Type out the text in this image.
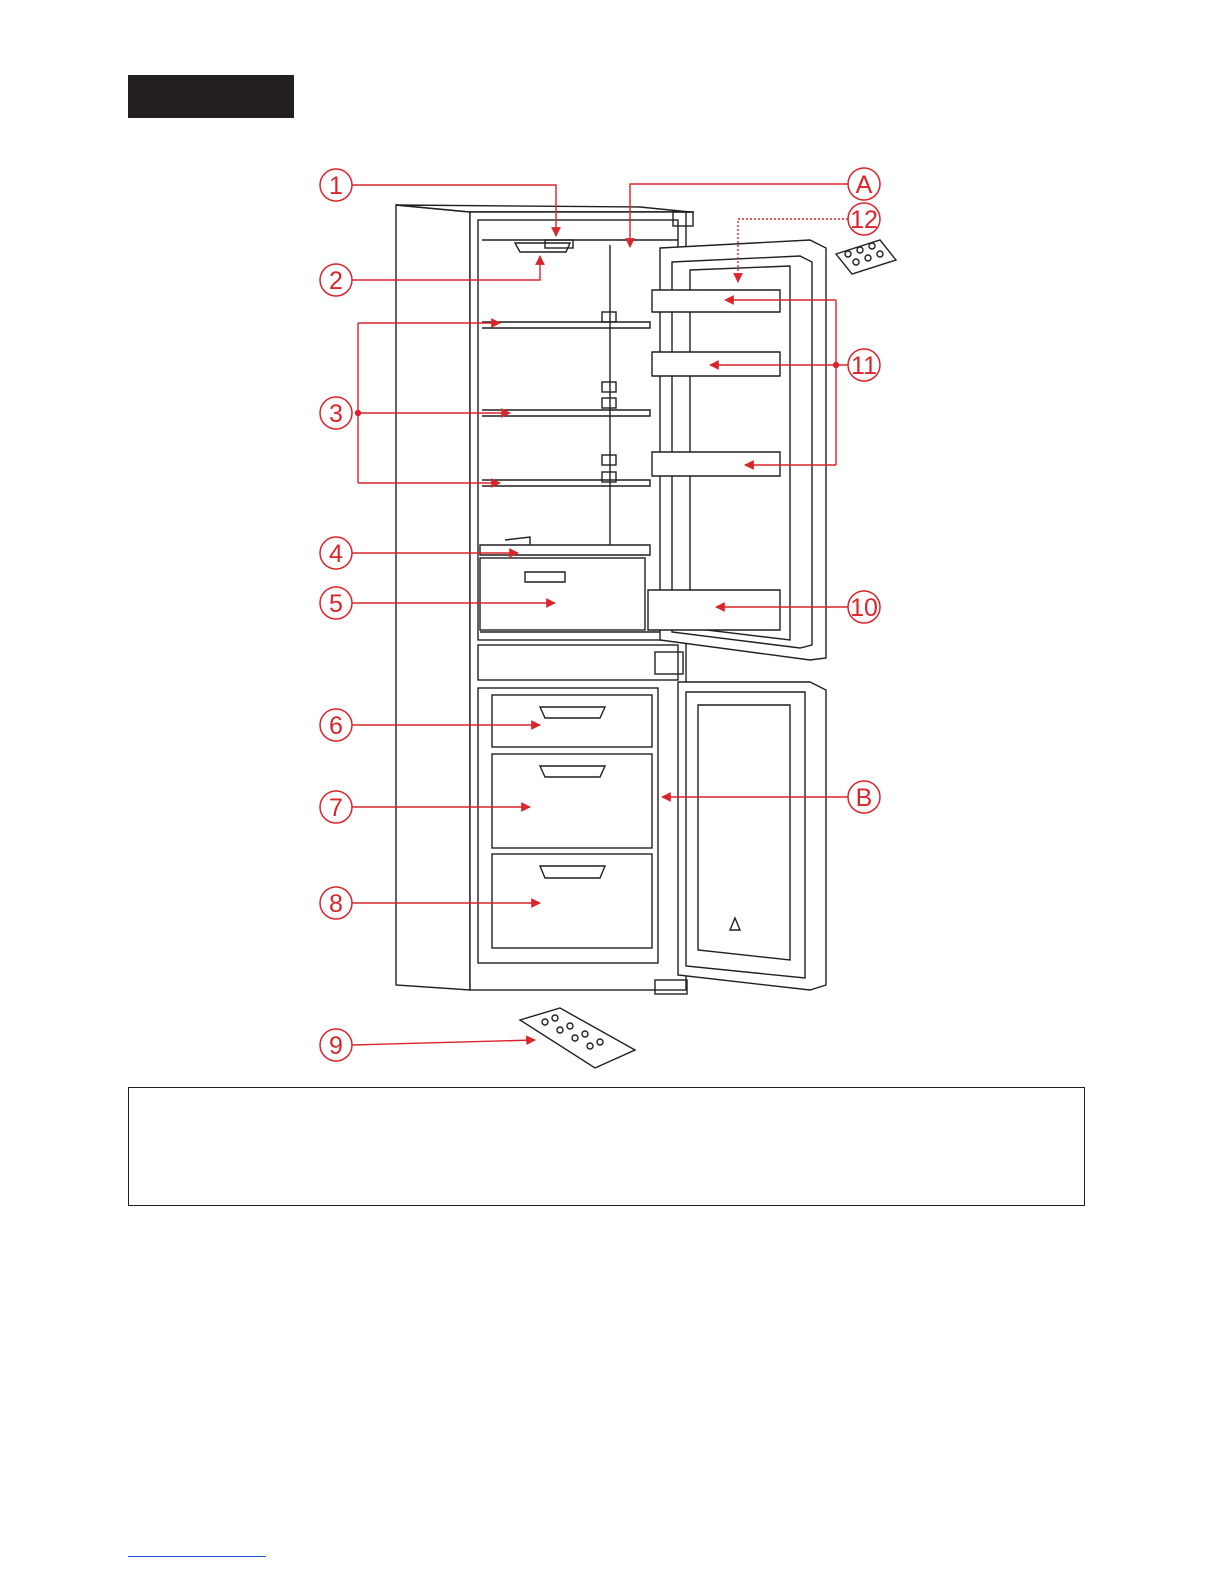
1
2
3
4
5
6
7
8
9
10
11
12
A
B
